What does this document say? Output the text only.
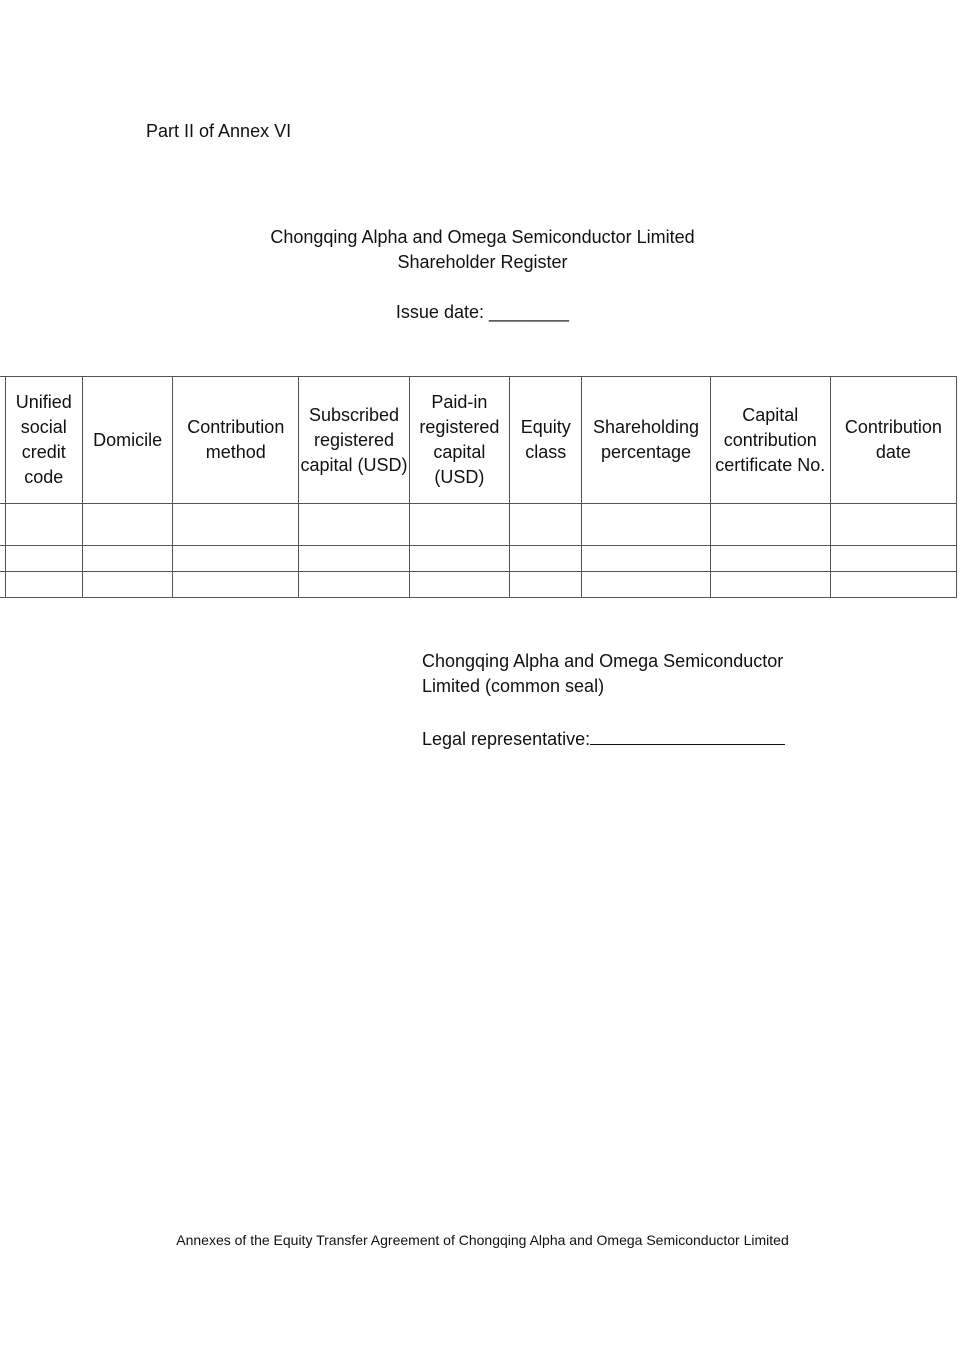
Part II of Annex VI
Chongqing Alpha and Omega Semiconductor Limited
Shareholder Register
Issue date: ________
	Unified social credit code	Domicile	Contribution method	Subscribed registered capital (USD)	Paid-in registered capital (USD)	Equity class	Shareholding percentage	Capital contribution certificate No.	Contribution date

Chongqing Alpha and Omega Semiconductor Limited (common seal)
Legal representative:
Annexes of the Equity Transfer Agreement of Chongqing Alpha and Omega Semiconductor Limited
